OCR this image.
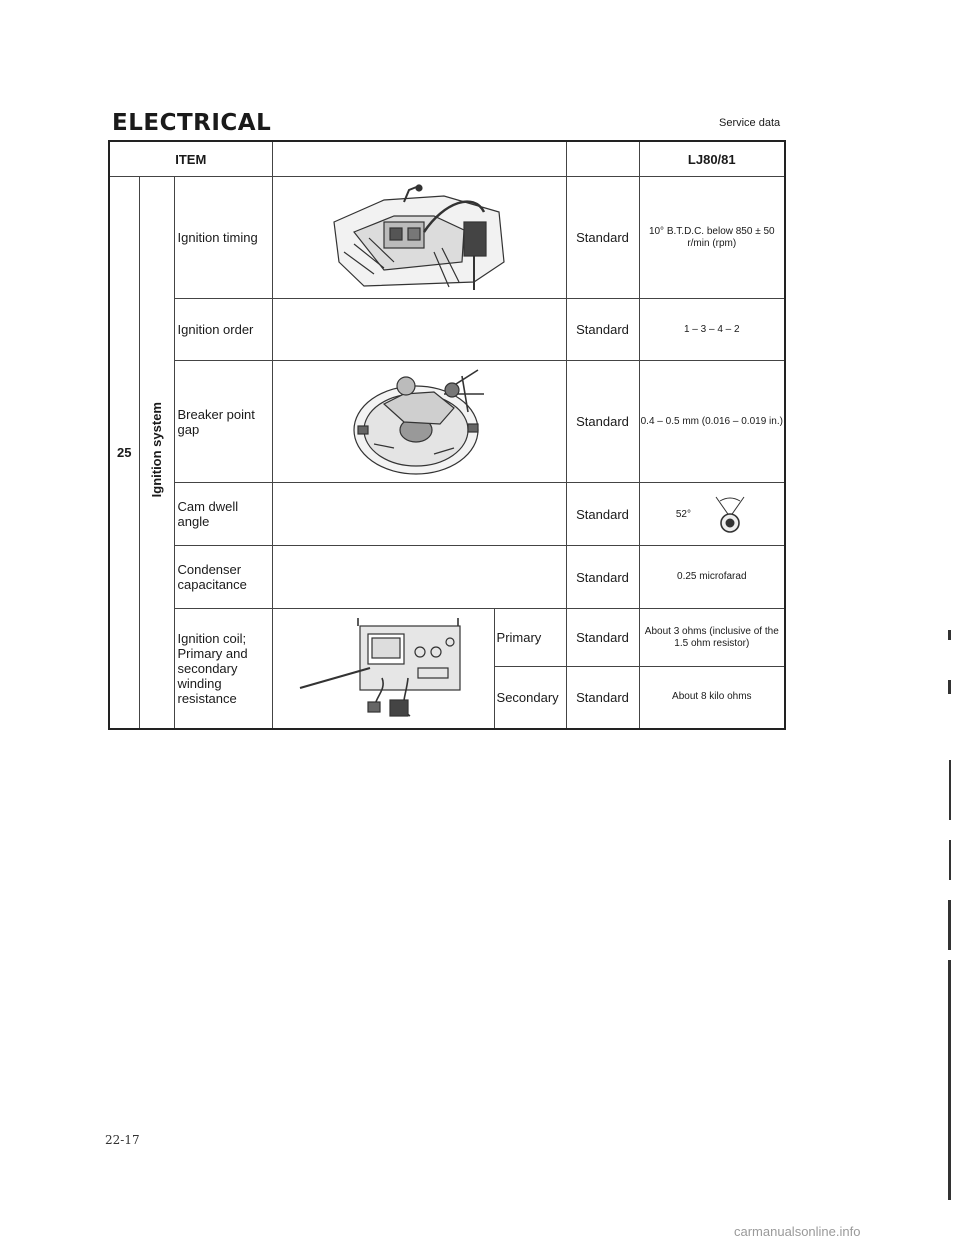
ELECTRICAL	Service data
ITEM						LJ80/81
25	Ignition system	Ignition timing			Standard	10° B.T.D.C. below 850 ± 50 r/min (rpm)
		Ignition order			Standard	1 – 3 – 4 – 2
		Breaker point gap			Standard	0.4 – 0.5 mm (0.016 – 0.019 in.)
		Cam dwell angle			Standard	52°
		Condenser capacitance			Standard	0.25 microfarad
		Ignition coil; Primary and secondary winding resistance		Primary	Standard	About 3 ohms (inclusive of the 1.5 ohm resistor)
				Secondary	Standard	About 8 kilo ohms
22-17
carmanualsonline.info
